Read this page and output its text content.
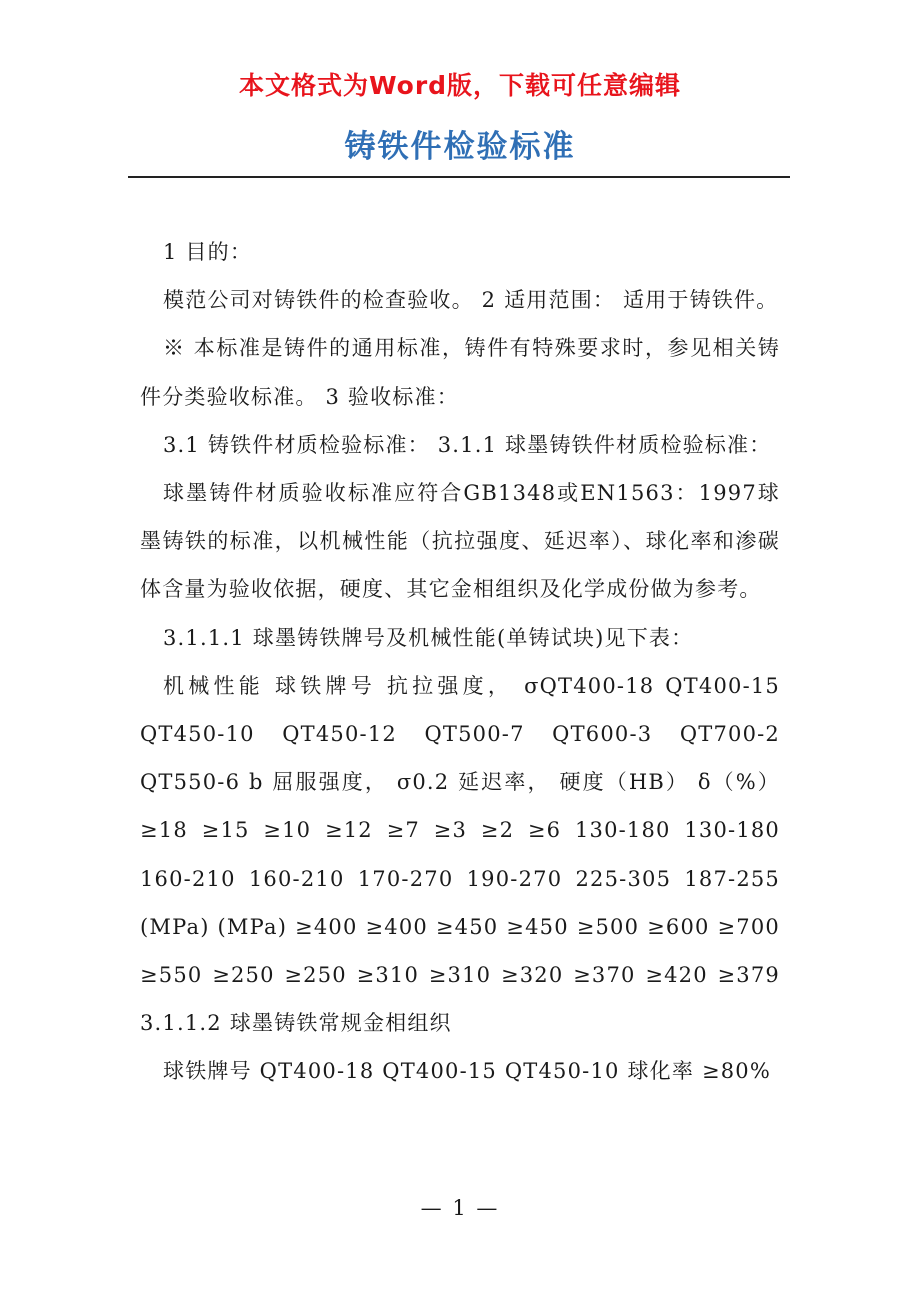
本文格式为Word版，下载可任意编辑
铸铁件检验标准

1 目的：

模范公司对铸铁件的检查验收。 2 适用范围： 适用于铸铁件。

※ 本标准是铸件的通用标准，铸件有特殊要求时，参见相关铸件分类验收标准。 3 验收标准：

3.1 铸铁件材质检验标准： 3.1.1 球墨铸铁件材质检验标准：

球墨铸件材质验收标准应符合GB1348或EN1563：1997球墨铸铁的标准，以机械性能（抗拉强度、延迟率）、球化率和渗碳体含量为验收依据，硬度、其它金相组织及化学成份做为参考。

3.1.1.1 球墨铸铁牌号及机械性能(单铸试块)见下表：

机械性能 球铁牌号 抗拉强度， σQT400-18 QT400-15 QT450-10 QT450-12 QT500-7 QT600-3 QT700-2 QT550-6 b 屈服强度， σ0.2 延迟率， 硬度（HB） δ（%） ≥18 ≥15 ≥10 ≥12 ≥7 ≥3 ≥2 ≥6 130-180 130-180 160-210 160-210 170-270 190-270 225-305 187-255 (MPa) (MPa) ≥400 ≥400 ≥450 ≥450 ≥500 ≥600 ≥700 ≥550 ≥250 ≥250 ≥310 ≥310 ≥320 ≥370 ≥420 ≥379 3.1.1.2 球墨铸铁常规金相组织

球铁牌号 QT400-18 QT400-15 QT450-10 球化率 ≥80%

— 1 —
